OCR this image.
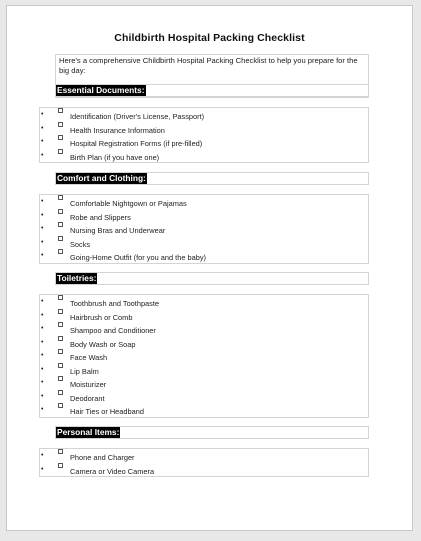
Childbirth Hospital Packing Checklist
Here's a comprehensive Childbirth Hospital Packing Checklist to help you prepare for the big day:
Essential Documents:
•	Identification (Driver's License, Passport)
•	Health Insurance Information
•	Hospital Registration Forms (if pre-filled)
•	Birth Plan (if you have one)
Comfort and Clothing:
•	Comfortable Nightgown or Pajamas
•	Robe and Slippers
•	Nursing Bras and Underwear
•	Socks
•	Going-Home Outfit (for you and the baby)
Toiletries:
•	Toothbrush and Toothpaste
•	Hairbrush or Comb
•	Shampoo and Conditioner
•	Body Wash or Soap
•	Face Wash
•	Lip Balm
•	Moisturizer
•	Deodorant
•	Hair Ties or Headband
Personal Items:
•	Phone and Charger
•	Camera or Video Camera
